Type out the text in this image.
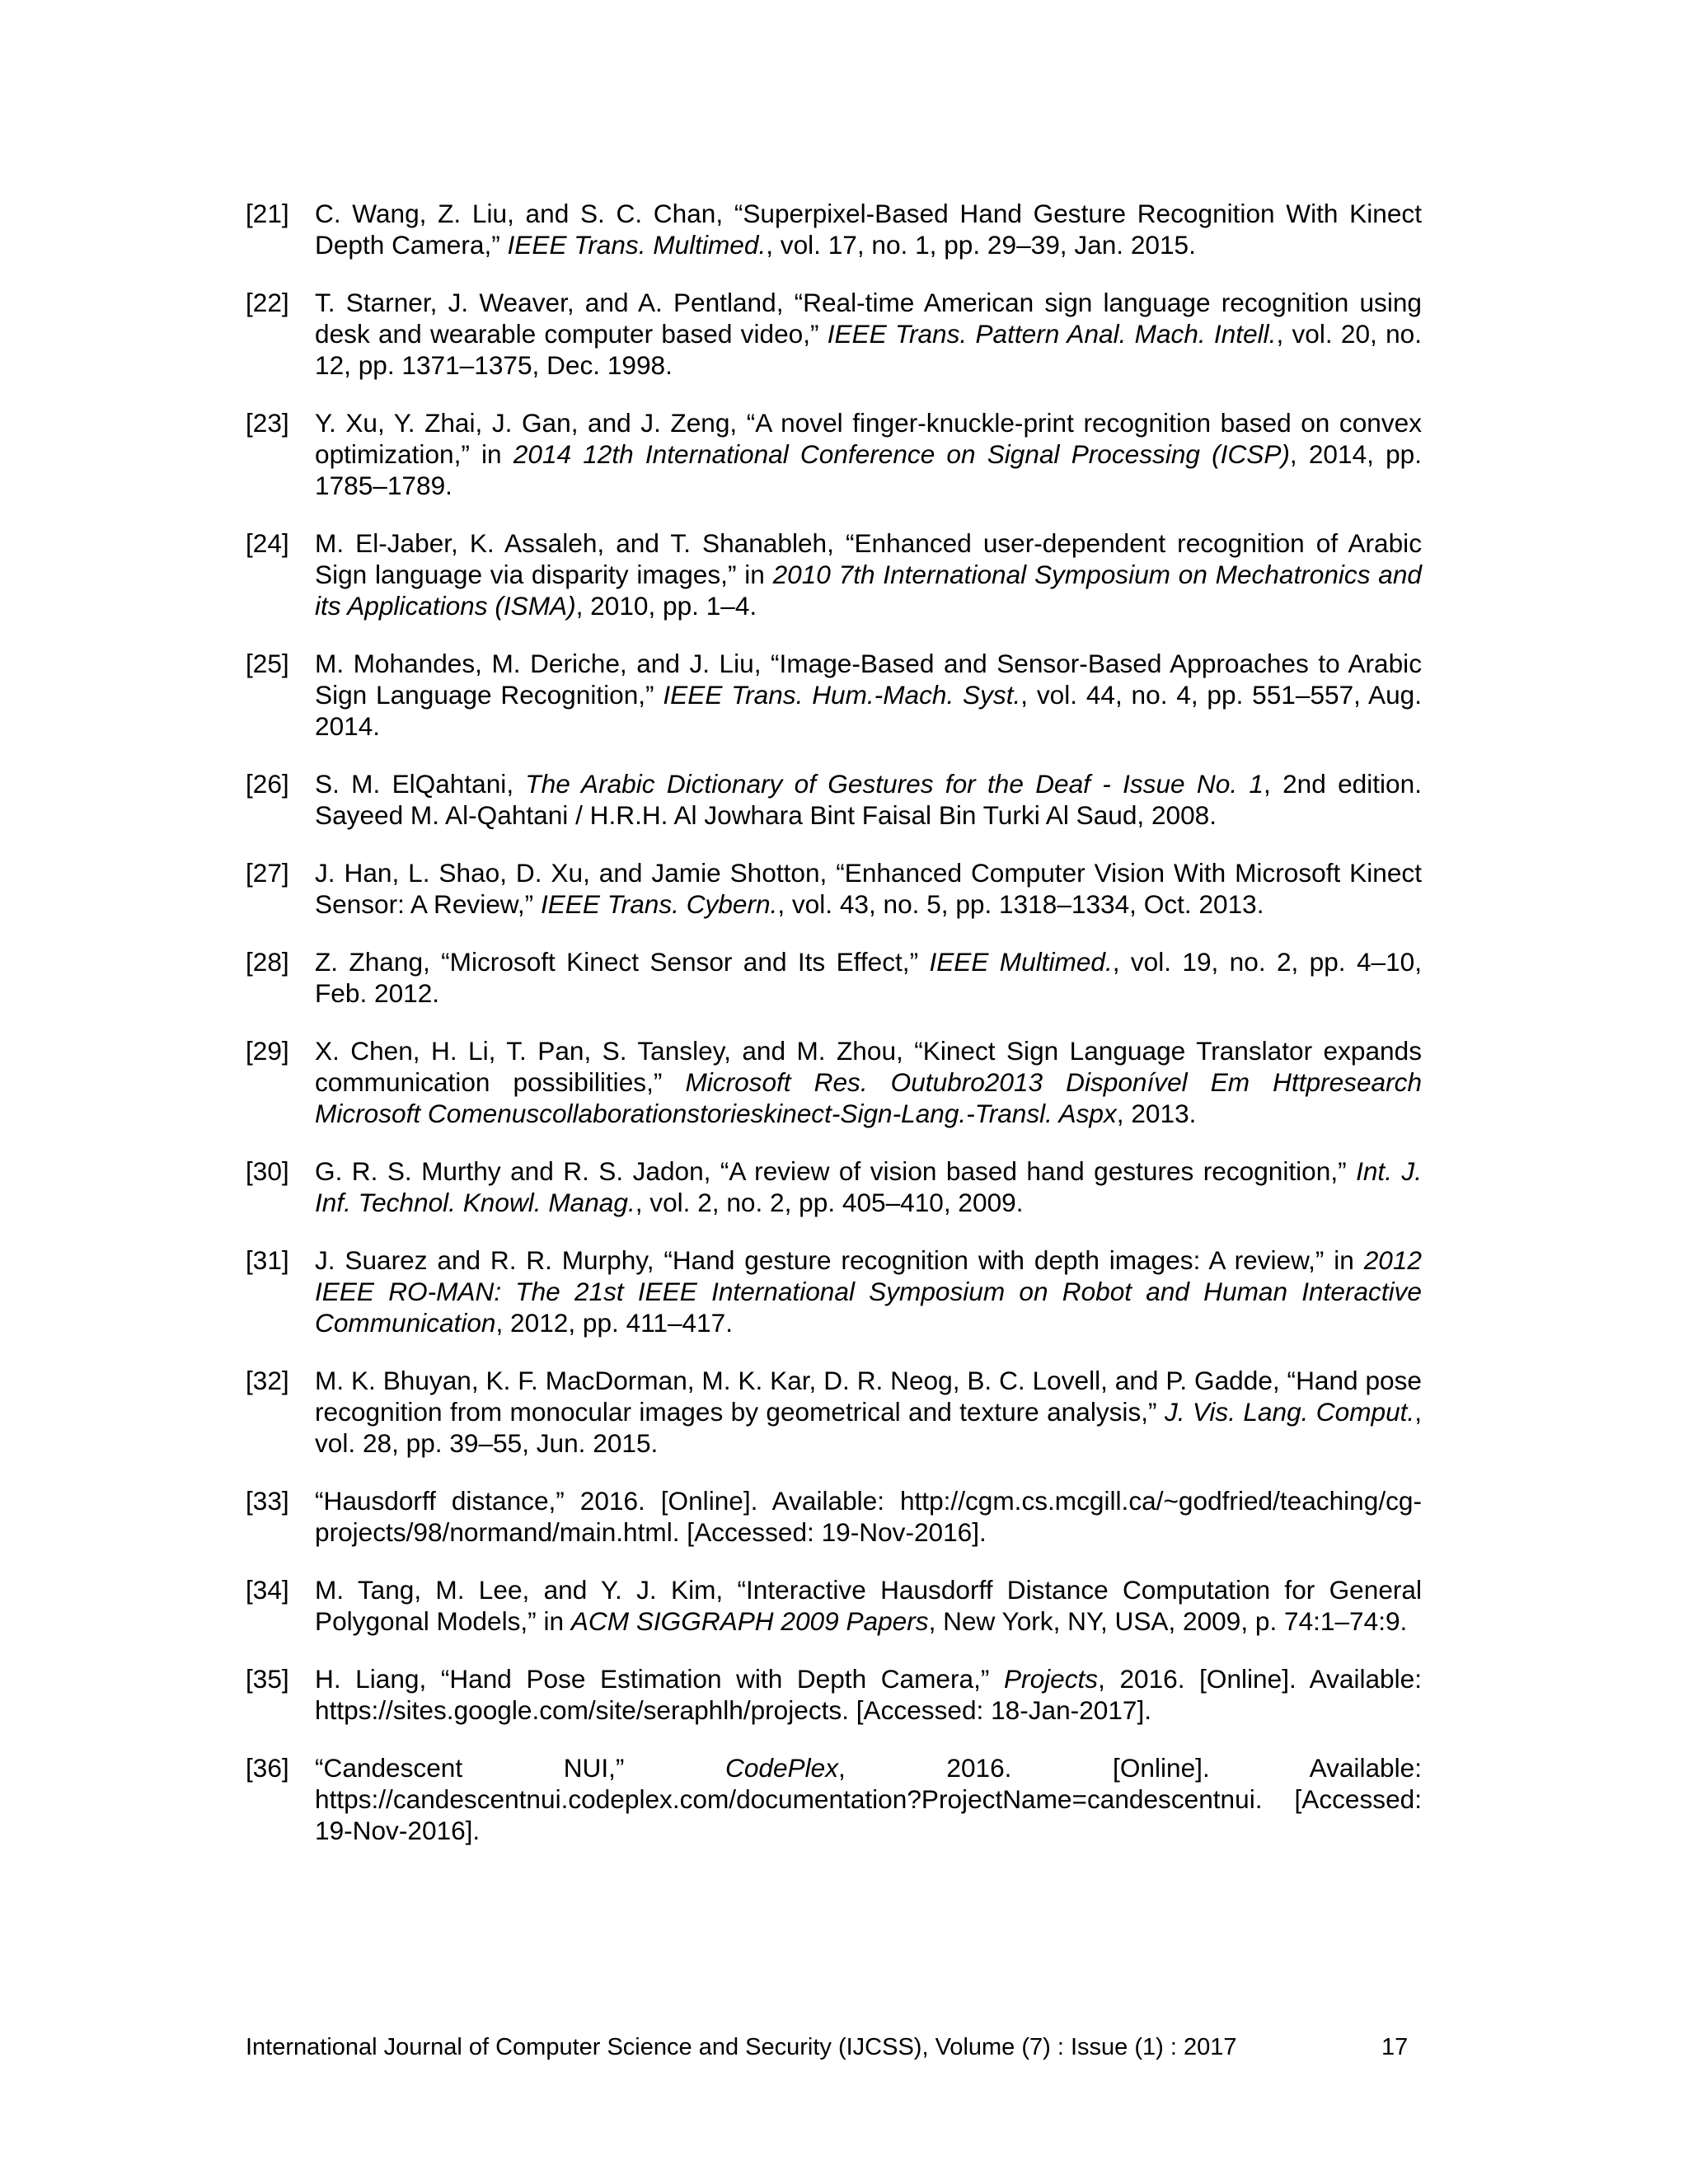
[21] C. Wang, Z. Liu, and S. C. Chan, “Superpixel-Based Hand Gesture Recognition With Kinect Depth Camera,” IEEE Trans. Multimed., vol. 17, no. 1, pp. 29–39, Jan. 2015.
[22] T. Starner, J. Weaver, and A. Pentland, “Real-time American sign language recognition using desk and wearable computer based video,” IEEE Trans. Pattern Anal. Mach. Intell., vol. 20, no. 12, pp. 1371–1375, Dec. 1998.
[23] Y. Xu, Y. Zhai, J. Gan, and J. Zeng, “A novel finger-knuckle-print recognition based on convex optimization,” in 2014 12th International Conference on Signal Processing (ICSP), 2014, pp. 1785–1789.
[24] M. El-Jaber, K. Assaleh, and T. Shanableh, “Enhanced user-dependent recognition of Arabic Sign language via disparity images,” in 2010 7th International Symposium on Mechatronics and its Applications (ISMA), 2010, pp. 1–4.
[25] M. Mohandes, M. Deriche, and J. Liu, “Image-Based and Sensor-Based Approaches to Arabic Sign Language Recognition,” IEEE Trans. Hum.-Mach. Syst., vol. 44, no. 4, pp. 551–557, Aug. 2014.
[26] S. M. ElQahtani, The Arabic Dictionary of Gestures for the Deaf - Issue No. 1, 2nd edition. Sayeed M. Al-Qahtani / H.R.H. Al Jowhara Bint Faisal Bin Turki Al Saud, 2008.
[27] J. Han, L. Shao, D. Xu, and Jamie Shotton, “Enhanced Computer Vision With Microsoft Kinect Sensor: A Review,” IEEE Trans. Cybern., vol. 43, no. 5, pp. 1318–1334, Oct. 2013.
[28] Z. Zhang, “Microsoft Kinect Sensor and Its Effect,” IEEE Multimed., vol. 19, no. 2, pp. 4–10, Feb. 2012.
[29] X. Chen, H. Li, T. Pan, S. Tansley, and M. Zhou, “Kinect Sign Language Translator expands communication possibilities,” Microsoft Res. Outubro2013 Disponível Em Httpresearch Microsoft Comenuscollaborationstorieskinect-Sign-Lang.-Transl. Aspx, 2013.
[30] G. R. S. Murthy and R. S. Jadon, “A review of vision based hand gestures recognition,” Int. J. Inf. Technol. Knowl. Manag., vol. 2, no. 2, pp. 405–410, 2009.
[31] J. Suarez and R. R. Murphy, “Hand gesture recognition with depth images: A review,” in 2012 IEEE RO-MAN: The 21st IEEE International Symposium on Robot and Human Interactive Communication, 2012, pp. 411–417.
[32] M. K. Bhuyan, K. F. MacDorman, M. K. Kar, D. R. Neog, B. C. Lovell, and P. Gadde, “Hand pose recognition from monocular images by geometrical and texture analysis,” J. Vis. Lang. Comput., vol. 28, pp. 39–55, Jun. 2015.
[33] “Hausdorff distance,” 2016. [Online]. Available: http://cgm.cs.mcgill.ca/~godfried/teaching/cg-projects/98/normand/main.html. [Accessed: 19-Nov-2016].
[34] M. Tang, M. Lee, and Y. J. Kim, “Interactive Hausdorff Distance Computation for General Polygonal Models,” in ACM SIGGRAPH 2009 Papers, New York, NY, USA, 2009, p. 74:1–74:9.
[35] H. Liang, “Hand Pose Estimation with Depth Camera,” Projects, 2016. [Online]. Available: https://sites.google.com/site/seraphlh/projects. [Accessed: 18-Jan-2017].
[36] “Candescent NUI,” CodePlex, 2016. [Online]. Available: https://candescentnui.codeplex.com/documentation?ProjectName=candescentnui. [Accessed: 19-Nov-2016].
International Journal of Computer Science and Security (IJCSS), Volume (7) : Issue (1) : 2017	17
